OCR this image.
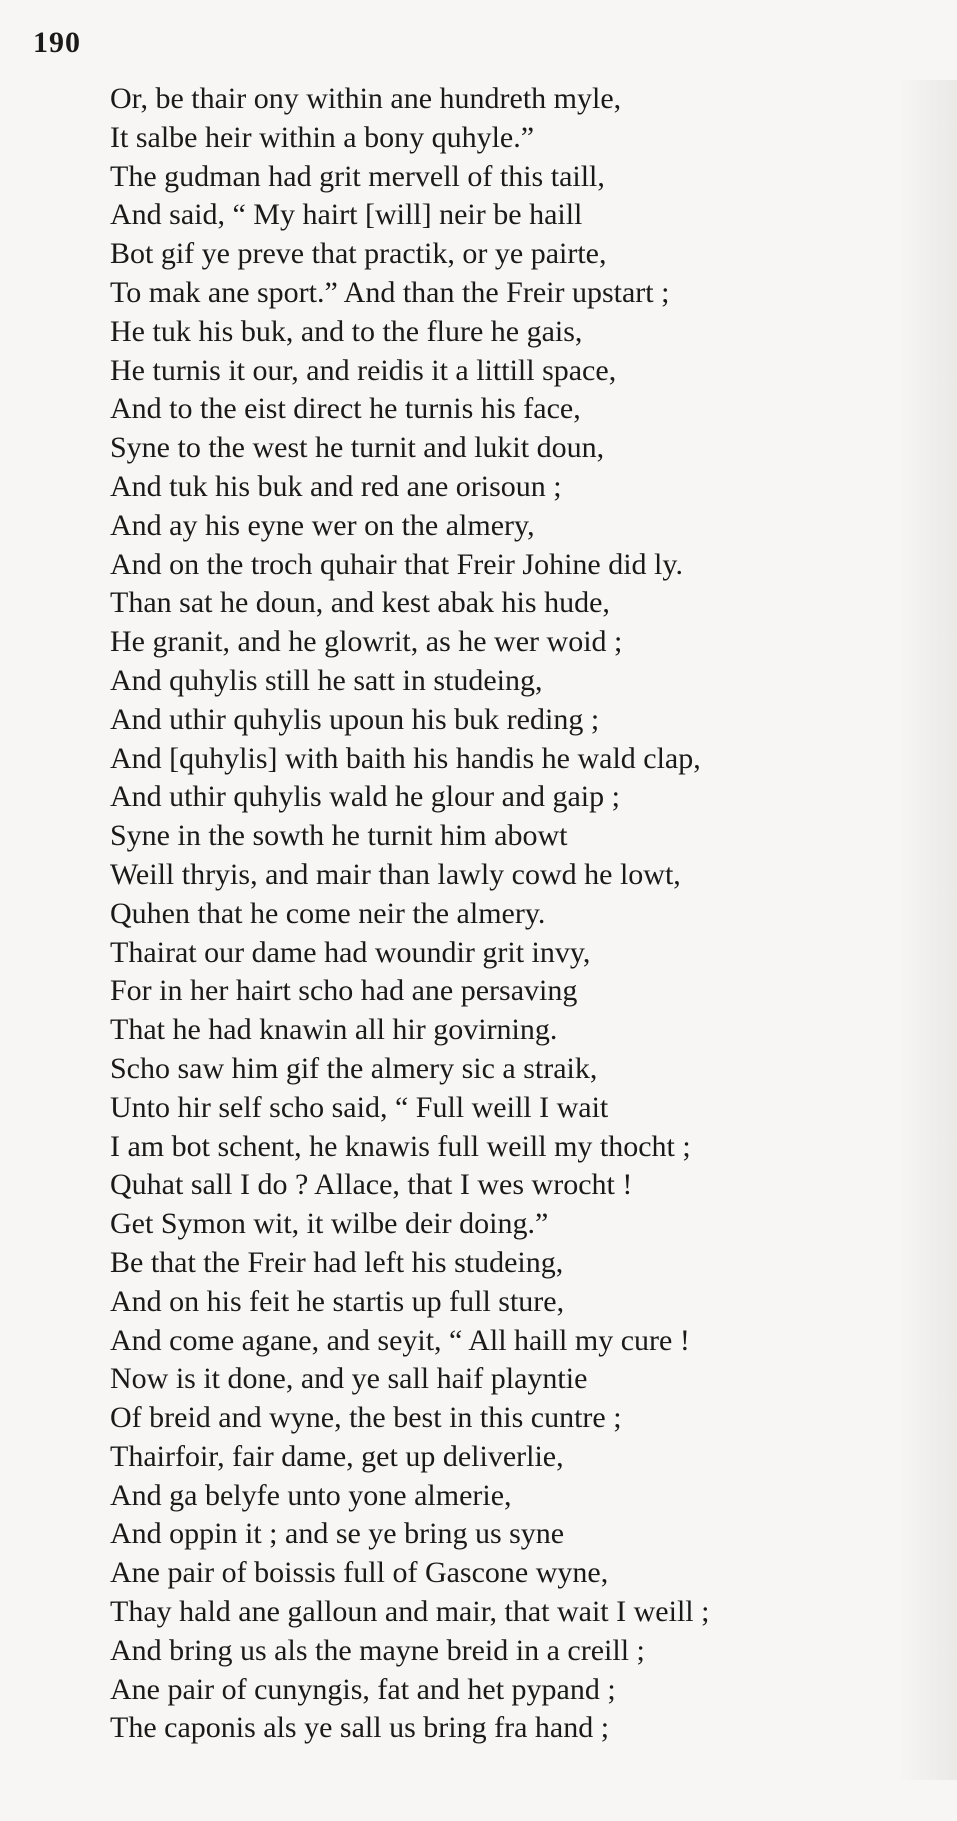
190
Or, be thair ony within ane hundreth myle,
It salbe heir within a bony quhyle.”
The gudman had grit mervell of this taill,
And said, “ My hairt [will] neir be haill
Bot gif ye preve that practik, or ye pairte,
To mak ane sport.” And than the Freir upstart ;
He tuk his buk, and to the flure he gais,
He turnis it our, and reidis it a littill space,
And to the eist direct he turnis his face,
Syne to the west he turnit and lukit doun,
And tuk his buk and red ane orisoun ;
And ay his eyne wer on the almery,
And on the troch quhair that Freir Johine did ly.
Than sat he doun, and kest abak his hude,
He granit, and he glowrit, as he wer woid ;
And quhylis still he satt in studeing,
And uthir quhylis upoun his buk reding ;
And [quhylis] with baith his handis he wald clap,
And uthir quhylis wald he glour and gaip ;
Syne in the sowth he turnit him abowt
Weill thryis, and mair than lawly cowd he lowt,
Quhen that he come neir the almery.
Thairat our dame had woundir grit invy,
For in her hairt scho had ane persaving
That he had knawin all hir govirning.
Scho saw him gif the almery sic a straik,
Unto hir self scho said, “ Full weill I wait
I am bot schent, he knawis full weill my thocht ;
Quhat sall I do ? Allace, that I wes wrocht !
Get Symon wit, it wilbe deir doing.”
Be that the Freir had left his studeing,
And on his feit he startis up full sture,
And come agane, and seyit, “ All haill my cure !
Now is it done, and ye sall haif playntie
Of breid and wyne, the best in this cuntre ;
Thairfoir, fair dame, get up deliverlie,
And ga belyfe unto yone almerie,
And oppin it ; and se ye bring us syne
Ane pair of boissis full of Gascone wyne,
Thay hald ane galloun and mair, that wait I weill ;
And bring us als the mayne breid in a creill ;
Ane pair of cunyngis, fat and het pypand ;
The caponis als ye sall us bring fra hand ;
